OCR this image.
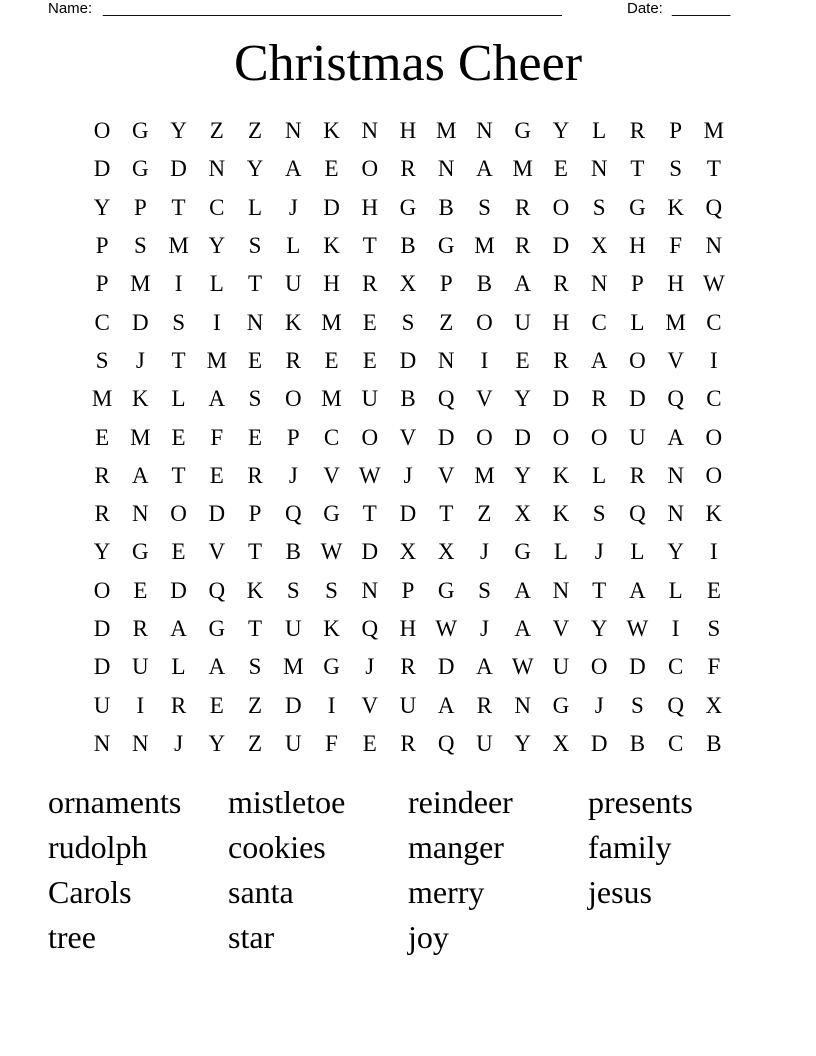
Name: _______________________________________________________	Date: _______
Christmas Cheer
O G Y Z	Z N K N H M N G Y L	R	P M
D G D N Y A E O R N A M E N T	S	T
Y	P	T	C	L	J	D H G B	S	R O	S	G K Q
P	S M Y	S	L K T	B G M R D X H	F	N
P M	I	L	T U H R X	P	B A R N	P	H W
C D	S	I	N K M E	S	Z O U H C	L M C
S	J	T M E	R	E	E D N	I	E	R A O V	I
M K L A	S	O M U B Q V Y D R D Q C
E M E	F	E	P	C O V D O D O O U A O
R A T	E	R	J	V W J	V M Y K L	R N O
R N O D	P	Q G T D T	Z X K	S	Q N K
Y G E V T	B W D X X	J	G L	J	L Y	I
O E D Q K	S	S	N	P	G	S	A N T A L	E
D R A G T U K Q H W J	A V Y W	I	S
D U L A	S M G	J	R D A W U O D C	F
U	I	R	E	Z D	I	V U A R N G	J	S	Q X
N N	J	Y Z U	F	E	R Q U Y X D B C B
ornaments	mistletoe	reindeer	presents
rudolph	cookies	manger	family
Carols	santa	merry	jesus
tree	star	joy
